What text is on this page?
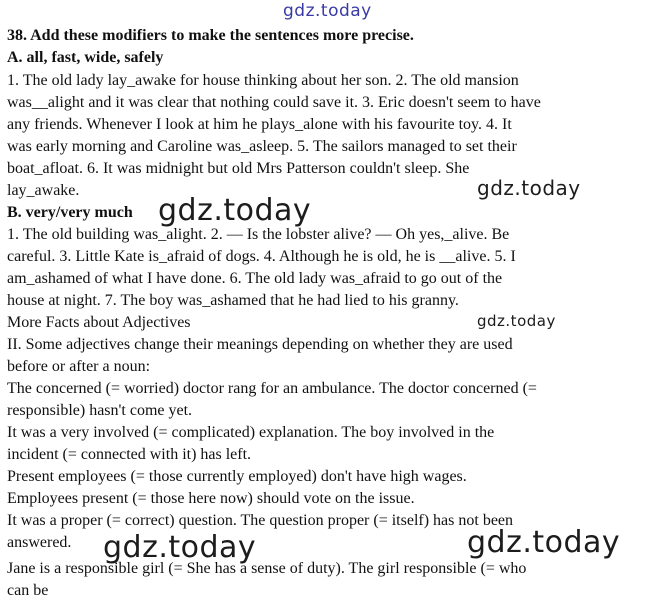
38. Add these modifiers to make the sentences more precise.
A. all, fast, wide, safely
1. The old lady lay_awake for house thinking about her son. 2. The old mansion
was__alight and it was clear that nothing could save it. 3. Eric doesn't seem to have
any friends. Whenever I look at him he plays_alone with his favourite toy. 4. It
was early morning and Caroline was_asleep. 5. The sailors managed to set their
boat_afloat. 6. It was midnight but old Mrs Patterson couldn't sleep. She
lay_awake.
B. very/very much
1. The old building was_alight. 2. — Is the lobster alive? — Oh yes,_alive. Be
careful. 3. Little Kate is_afraid of dogs. 4. Although he is old, he is __alive. 5. I
am_ashamed of what I have done. 6. The old lady was_afraid to go out of the
house at night. 7. The boy was_ashamed that he had lied to his granny.
More Facts about Adjectives
II. Some adjectives change their meanings depending on whether they are used
before or after a noun:
The concerned (= worried) doctor rang for an ambulance. The doctor concerned (=
responsible) hasn't come yet.
It was a very involved (= complicated) explanation. The boy involved in the
incident (= connected with it) has left.
Present employees (= those currently employed) don't have high wages.
Employees present (= those here now) should vote on the issue.
It was a proper (= correct) question. The question proper (= itself) has not been
answered.
Jane is a responsible girl (= She has a sense of duty). The girl responsible (= who
can be
gdz.today
gdz.today
gdz.today
gdz.today
gdz.today	gdz.today
